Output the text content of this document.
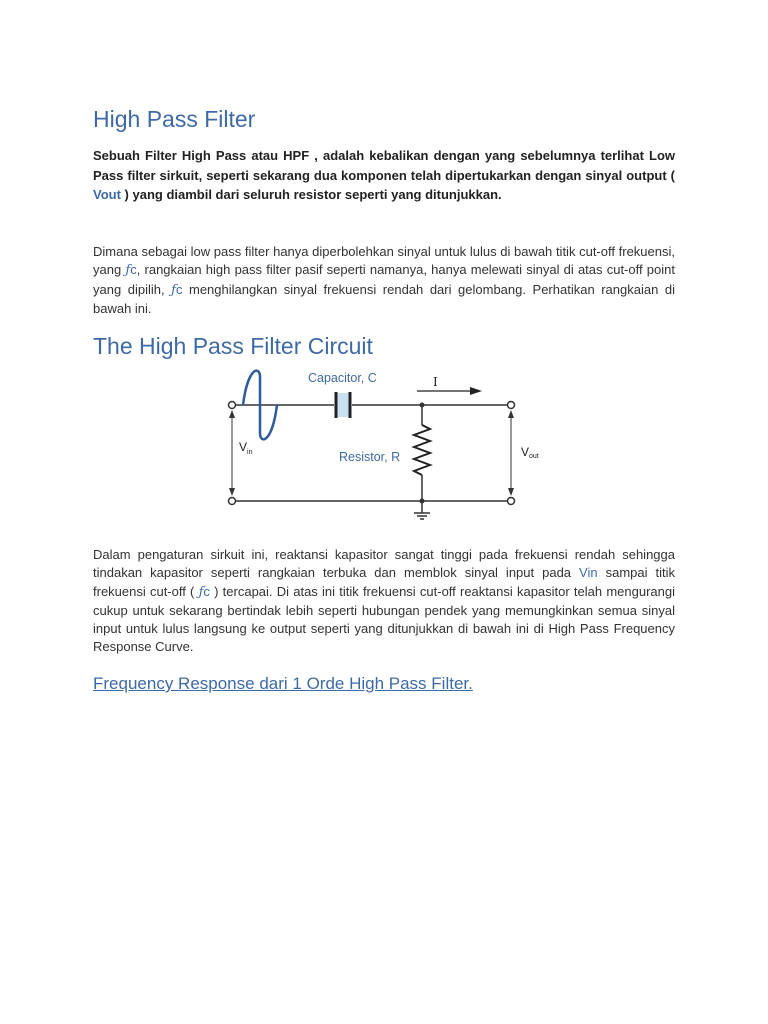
High Pass Filter

Sebuah Filter High Pass atau HPF , adalah kebalikan dengan yang sebelumnya terlihat Low Pass filter sirkuit, seperti sekarang dua komponen telah dipertukarkan dengan sinyal output ( Vout ) yang diambil dari seluruh resistor seperti yang ditunjukkan.

Dimana sebagai low pass filter hanya diperbolehkan sinyal untuk lulus di bawah titik cut-off frekuensi, yang ƒc, rangkaian high pass filter pasif seperti namanya, hanya melewati sinyal di atas cut-off point yang dipilih, ƒc menghilangkan sinyal frekuensi rendah dari gelombang. Perhatikan rangkaian di bawah ini.

The High Pass Filter Circuit

Dalam pengaturan sirkuit ini, reaktansi kapasitor sangat tinggi pada frekuensi rendah sehingga tindakan kapasitor seperti rangkaian terbuka dan memblok sinyal input pada Vin sampai titik frekuensi cut-off ( ƒc ) tercapai. Di atas ini titik frekuensi cut-off reaktansi kapasitor telah mengurangi cukup untuk sekarang bertindak lebih seperti hubungan pendek yang memungkinkan semua sinyal input untuk lulus langsung ke output seperti yang ditunjukkan di bawah ini di High Pass Frequency Response Curve.

Frequency Response dari 1 Orde High Pass Filter.
Capacitor, C	I
Resistor, R
$V_{in}$	Vout
